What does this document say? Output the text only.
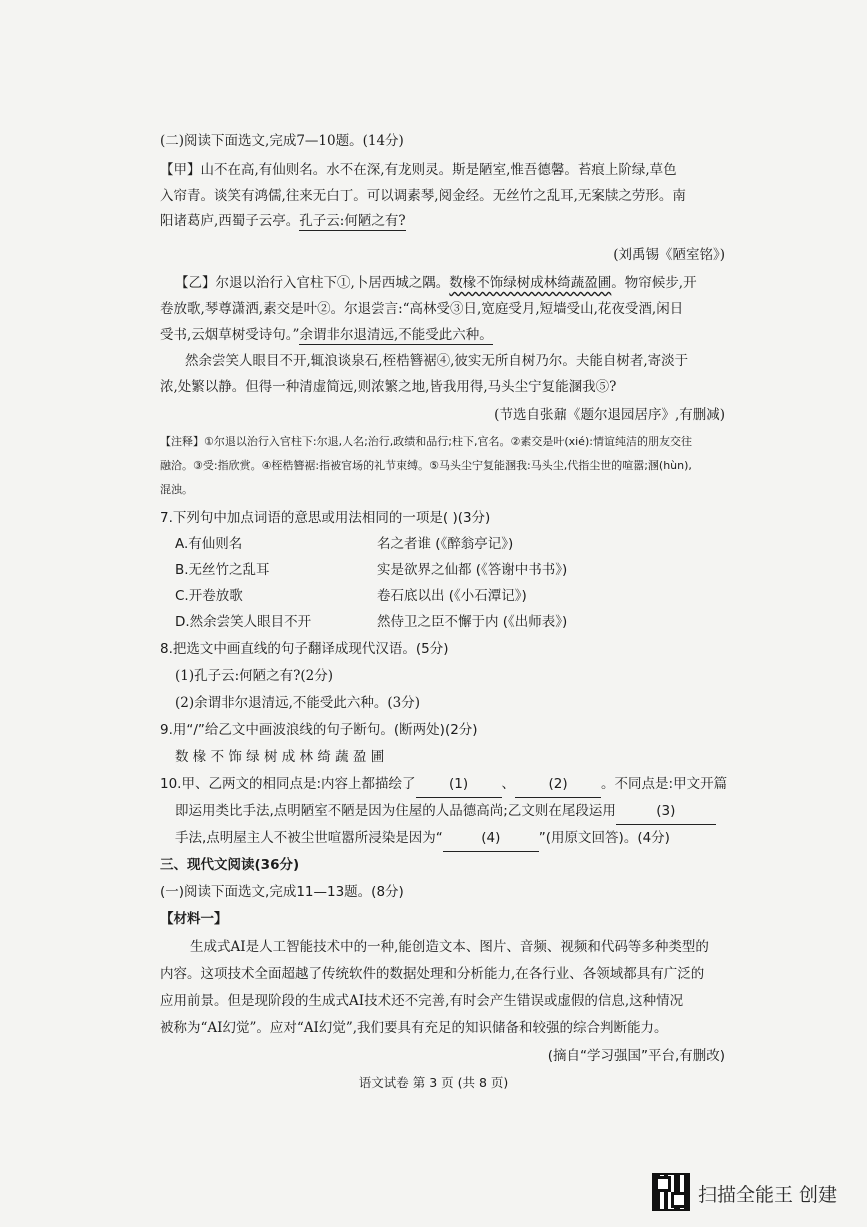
(二)阅读下面选文,完成7—10题。(14分)
【甲】山不在高,有仙则名。水不在深,有龙则灵。斯是陋室,惟吾德馨。苔痕上阶绿,草色
入帘青。谈笑有鸿儒,往来无白丁。可以调素琴,阅金经。无丝竹之乱耳,无案牍之劳形。南
阳诸葛庐,西蜀子云亭。孔子云:何陋之有?
(刘禹锡《陋室铭》)
【乙】尔退以治行入官柱下①,卜居西城之隅。数椽不饰绿树成林绮蔬盈圃。物帘候步,开
卷放歌,琴尊潇洒,素交是叶②。尔退尝言:“高林受③日,宽庭受月,短墙受山,花夜受酒,闲日
受书,云烟草树受诗句。”余谓非尔退清远,不能受此六种。
然余尝笑人眼目不开,辄浪谈泉石,桎梏簪裾④,彼实无所自树乃尔。夫能自树者,寄淡于
浓,处繁以静。但得一种清虚简远,则浓繁之地,皆我用得,马头尘宁复能溷我⑤?
(节选自张鼐《题尔退园居序》,有删减)
【注释】①尔退以治行入官柱下:尔退,人名;治行,政绩和品行;柱下,官名。②素交是叶(xié):情谊纯洁的朋友交往
融洽。③受:指欣赏。④桎梏簪裾:指被官场的礼节束缚。⑤马头尘宁复能溷我:马头尘,代指尘世的喧嚣;溷(hùn),
混浊。
7.下列句中加点词语的意思或用法相同的一项是( )(3分)
A.有仙则名	名之者谁 (《醉翁亭记》)
B.无丝竹之乱耳	实是欲界之仙都 (《答谢中书书》)
C.开卷放歌	卷石底以出 (《小石潭记》)
D.然余尝笑人眼目不开	然侍卫之臣不懈于内 (《出师表》)
8.把选文中画直线的句子翻译成现代汉语。(5分)
(1)孔子云:何陋之有?(2分)
(2)余谓非尔退清远,不能受此六种。(3分)
9.用“/”给乙文中画波浪线的句子断句。(断两处)(2分)
数 椽 不 饰 绿 树 成 林 绮 蔬 盈 圃
10.甲、乙两文的相同点是:内容上都描绘了 (1) 、 (2) 。不同点是:甲文开篇
即运用类比手法,点明陋室不陋是因为住屋的人品德高尚;乙文则在尾段运用	(3)
手法,点明屋主人不被尘世喧嚣所浸染是因为“	(4)	”(用原文回答)。(4分)
三、现代文阅读(36分)
(一)阅读下面选文,完成11—13题。(8分)
【材料一】
生成式AI是人工智能技术中的一种,能创造文本、图片、音频、视频和代码等多种类型的
内容。这项技术全面超越了传统软件的数据处理和分析能力,在各行业、各领域都具有广泛的
应用前景。但是现阶段的生成式AI技术还不完善,有时会产生错误或虚假的信息,这种情况
被称为“AI幻觉”。应对“AI幻觉”,我们要具有充足的知识储备和较强的综合判断能力。
(摘自“学习强国”平台,有删改)
语文试卷 第 3 页 (共 8 页)
扫描全能王 创建
